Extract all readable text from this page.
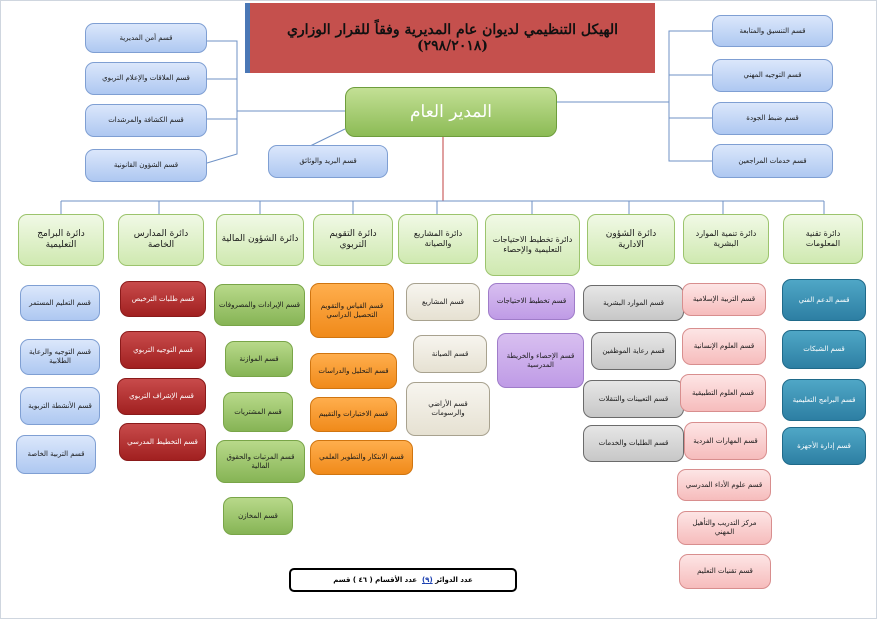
الهيكل التنظيمي لديوان عام المديرية وفقاً للقرار الوزاري (٢٩٨/٢٠١٨)
المدير العام
قسم أمن المديرية
قسم العلاقات والإعلام التربوي
قسم الكشافة والمرشدات
قسم الشؤون القانونية	قسم البريد والوثائق
قسم التنسيق والمتابعة
قسم التوجيه المهني
قسم ضبط الجودة
قسم خدمات المراجعين
دائرة البرامج التعليمية
دائرة المدارس الخاصة
دائرة الشؤون المالية
دائرة التقويم التربوي
دائرة المشاريع والصيانة	دائرة تخطيط الاحتياجات التعليمية والإحصاء
دائرة الشؤون الادارية
دائرة تنمية الموارد البشرية
دائرة تقنية المعلومات
قسم التعليم المستمر
قسم التوجيه والرعاية الطلابية
قسم الأنشطة التربوية
قسم التربية الخاصة
قسم طلبات الترخيص
قسم التوجيه التربوي
قسم الإشراف التربوي
قسم التخطيط المدرسي
قسم الإيرادات والمصروفات
قسم الموازنة
قسم المشتريات
قسم المرتبات والحقوق المالية
قسم المخازن
قسم القياس والتقويم التحصيل الدراسي
قسم التحليل والدراسات
قسم الاختبارات والتقييم
قسم الابتكار والتطوير العلمي
قسم المشاريع
قسم الصيانة
قسم الأراضي والرسومات
قسم تخطيط الاحتياجات
قسم الإحصاء والخريطة المدرسية
قسم الموارد البشرية
قسم رعاية الموظفين
قسم التعيينات والتنقلات
قسم الطلبات والخدمات
قسم التربية الإسلامية
قسم العلوم الإنسانية
قسم العلوم التطبيقية
قسم المهارات الفردية
قسم علوم الأداء المدرسي
مركز التدريب والتأهيل المهني
قسم تقنيات التعليم
قسم الدعم الفني
قسم الشبكات
قسم البرامج التعليمية
قسم إدارة الأجهزة
عدد الدوائر

(٩)

عدد الأقسام

( ٤٦ )

قسم
